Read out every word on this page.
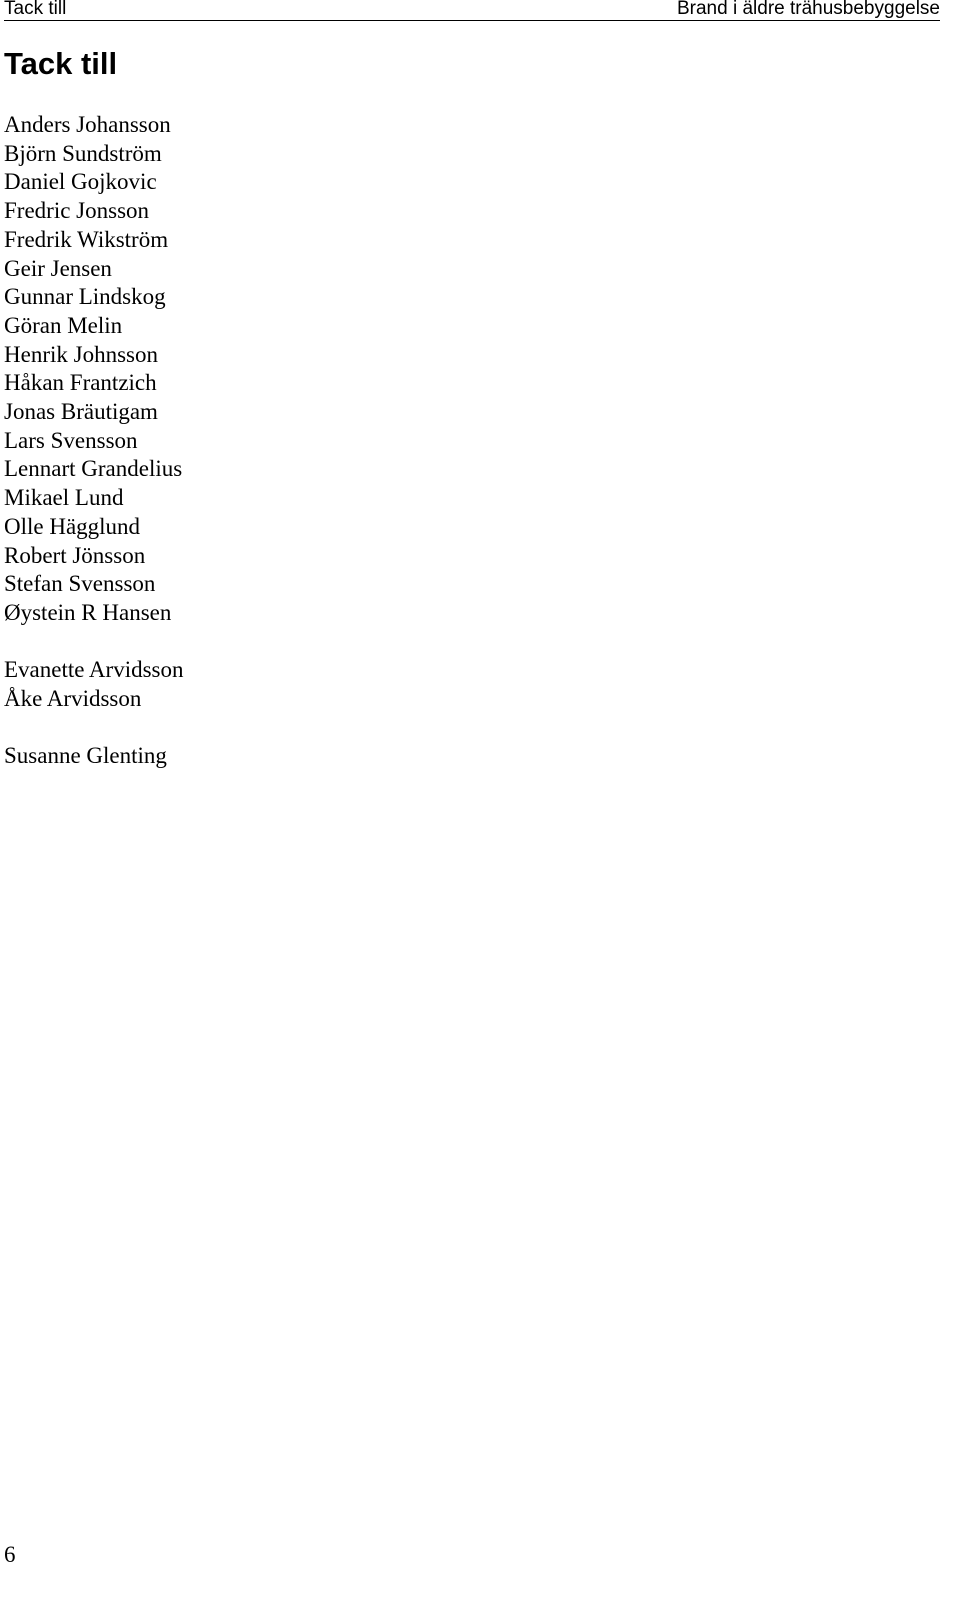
Tack till	Brand i äldre trähusbebyggelse
Tack till
Anders Johansson
Björn Sundström
Daniel Gojkovic
Fredric Jonsson
Fredrik Wikström
Geir Jensen
Gunnar Lindskog
Göran Melin
Henrik Johnsson
Håkan Frantzich
Jonas Bräutigam
Lars Svensson
Lennart Grandelius
Mikael Lund
Olle Hägglund
Robert Jönsson
Stefan Svensson
Øystein R Hansen
Evanette Arvidsson
Åke Arvidsson
Susanne Glenting
6
